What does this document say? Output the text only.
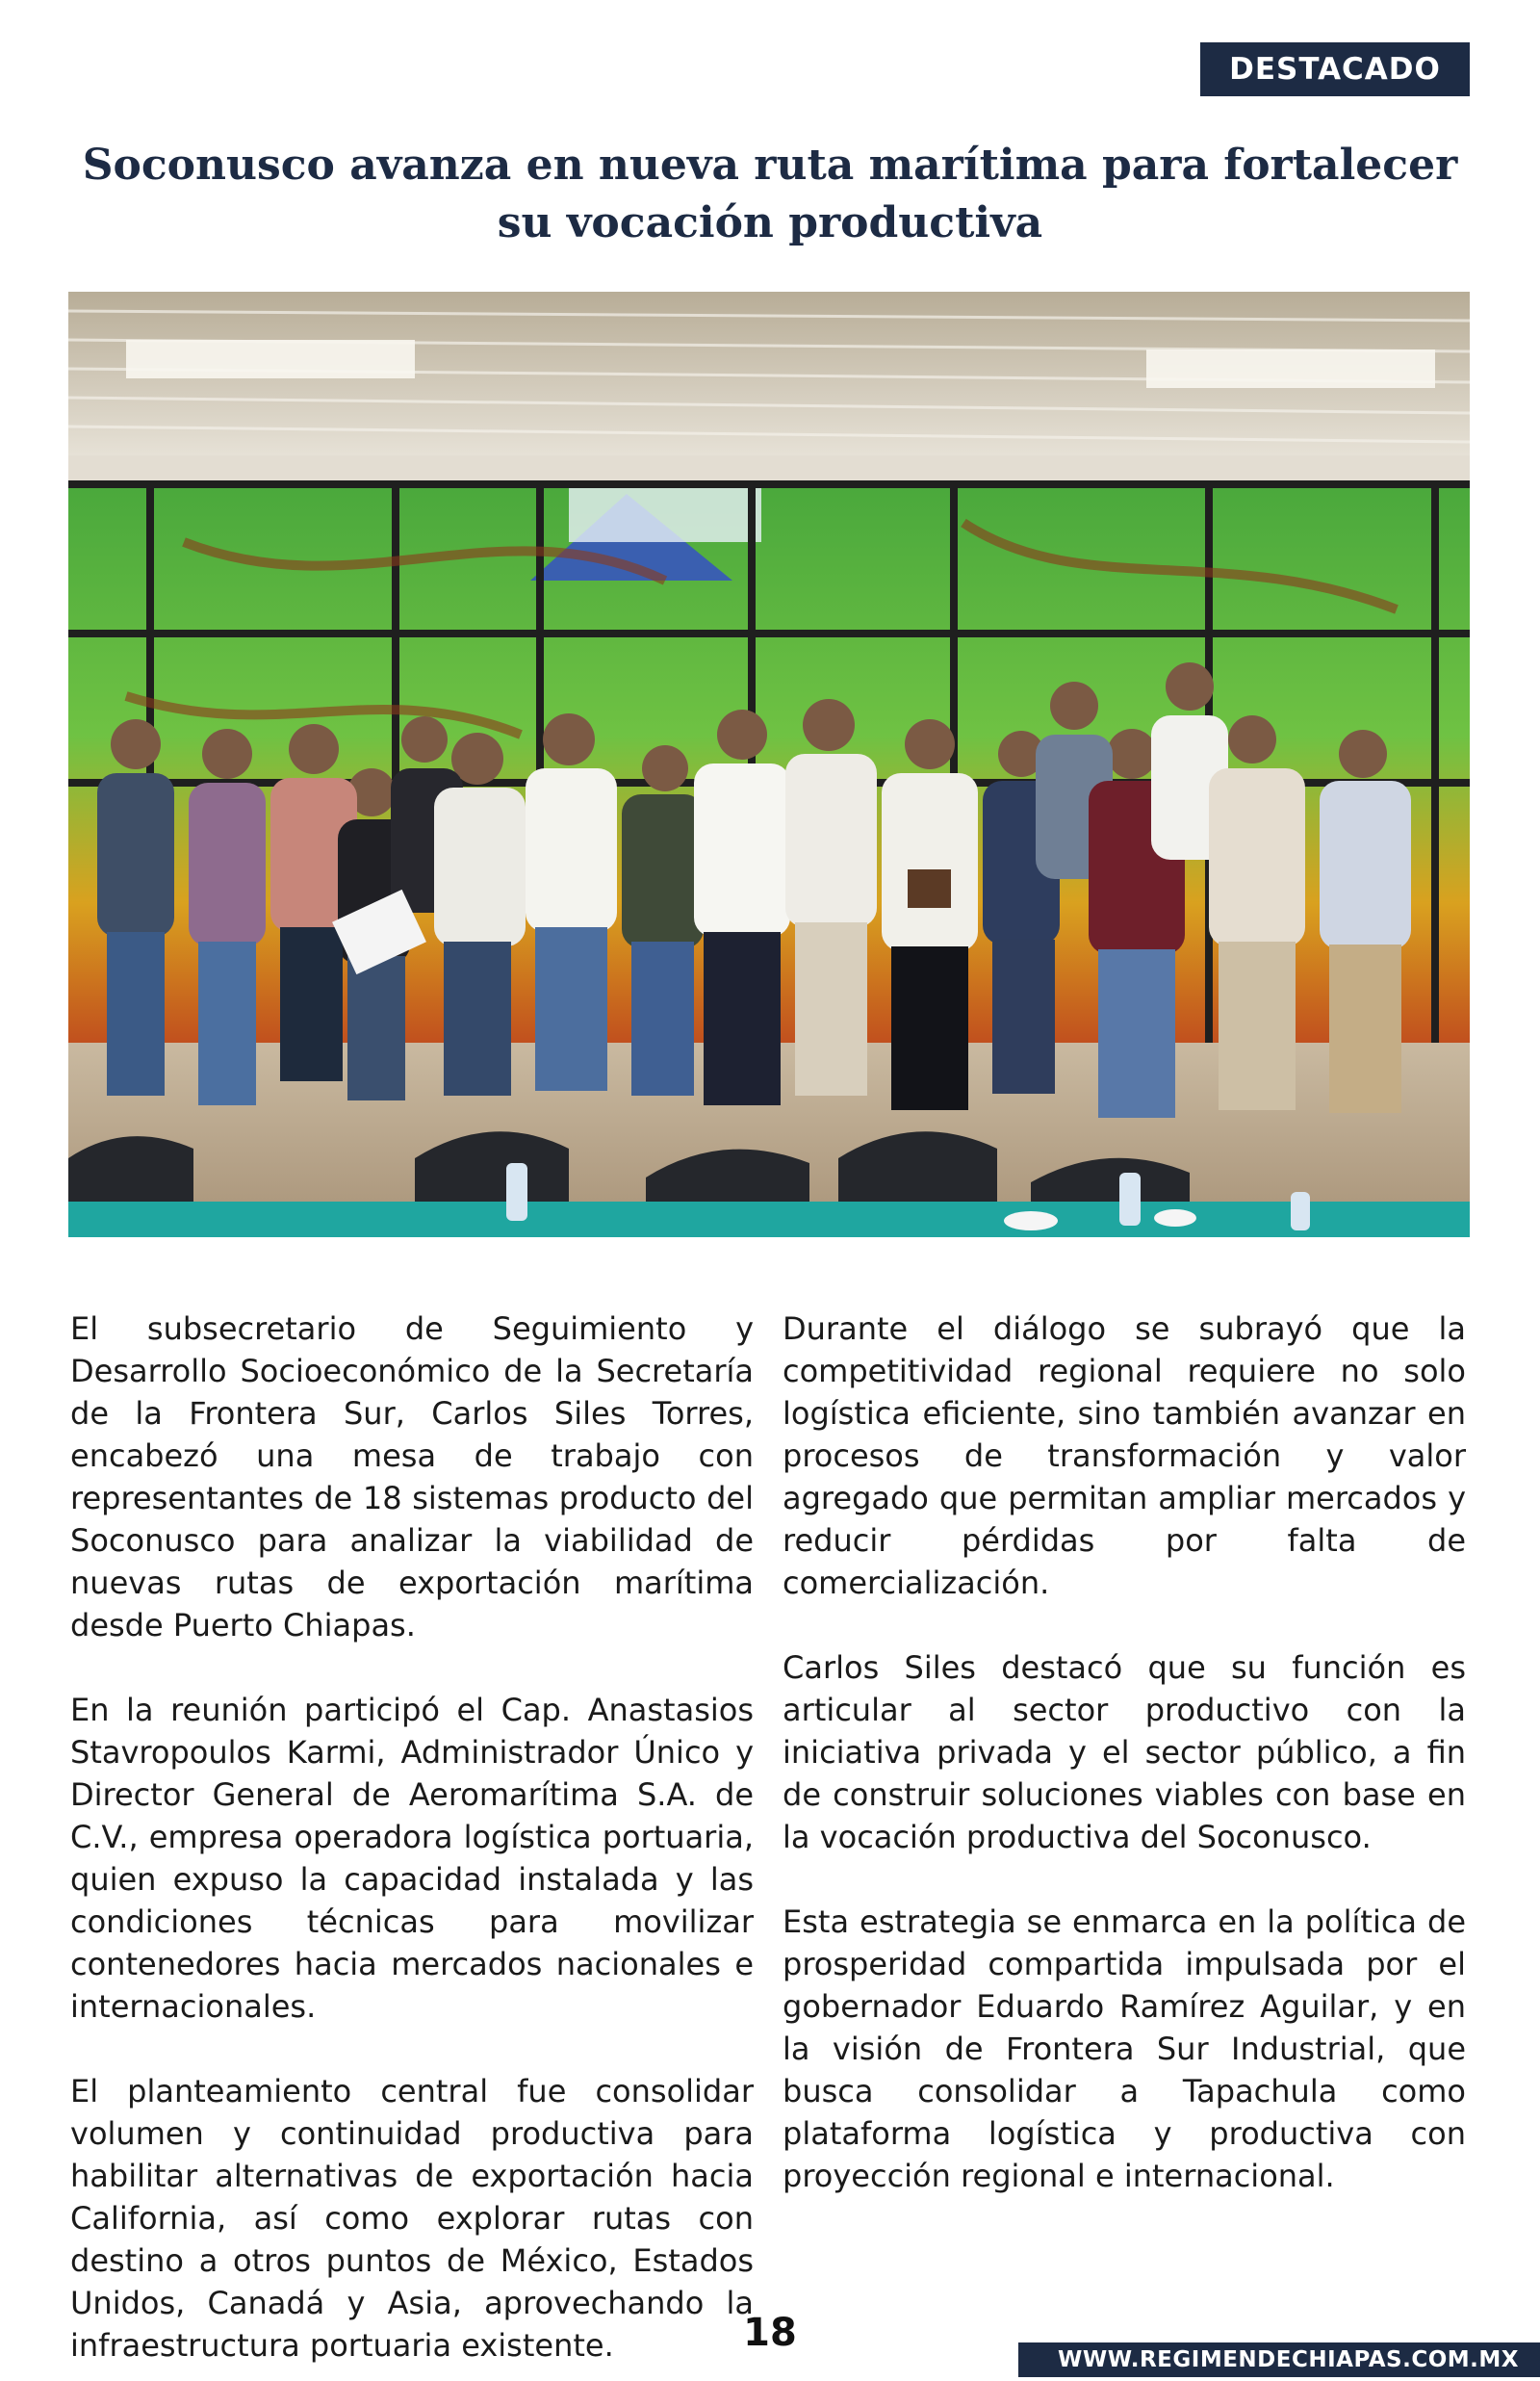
DESTACADO
Soconusco avanza en nueva ruta marítima para fortalecer su vocación productiva

El subsecretario de Seguimiento y Desarrollo Socioeconómico de la Secretaría de la Frontera Sur, Carlos Siles Torres, encabezó una mesa de trabajo con representantes de 18 sistemas producto del Soconusco para analizar la viabilidad de nuevas rutas de exportación marítima desde Puerto Chiapas.

En la reunión participó el Cap. Anastasios Stavropoulos Karmi, Administrador Único y Director General de Aeromarítima S.A. de C.V., empresa operadora logística portuaria, quien expuso la capacidad instalada y las condiciones técnicas para movilizar contenedores hacia mercados nacionales e internacionales.

El planteamiento central fue consolidar volumen y continuidad productiva para habilitar alternativas de exportación hacia California, así como explorar rutas con destino a otros puntos de México, Estados Unidos, Canadá y Asia, aprovechando la infraestructura portuaria existente.

Durante el diálogo se subrayó que la competitividad regional requiere no solo logística eficiente, sino también avanzar en procesos de transformación y valor agregado que permitan ampliar mercados y reducir pérdidas por falta de comercialización.

Carlos Siles destacó que su función es articular al sector productivo con la iniciativa privada y el sector público, a fin de construir soluciones viables con base en la vocación productiva del Soconusco.

Esta estrategia se enmarca en la política de prosperidad compartida impulsada por el gobernador Eduardo Ramírez Aguilar, y en la visión de Frontera Sur Industrial, que busca consolidar a Tapachula como plataforma logística y productiva con proyección regional e internacional.

18
WWW.REGIMENDECHIAPAS.COM.MX
